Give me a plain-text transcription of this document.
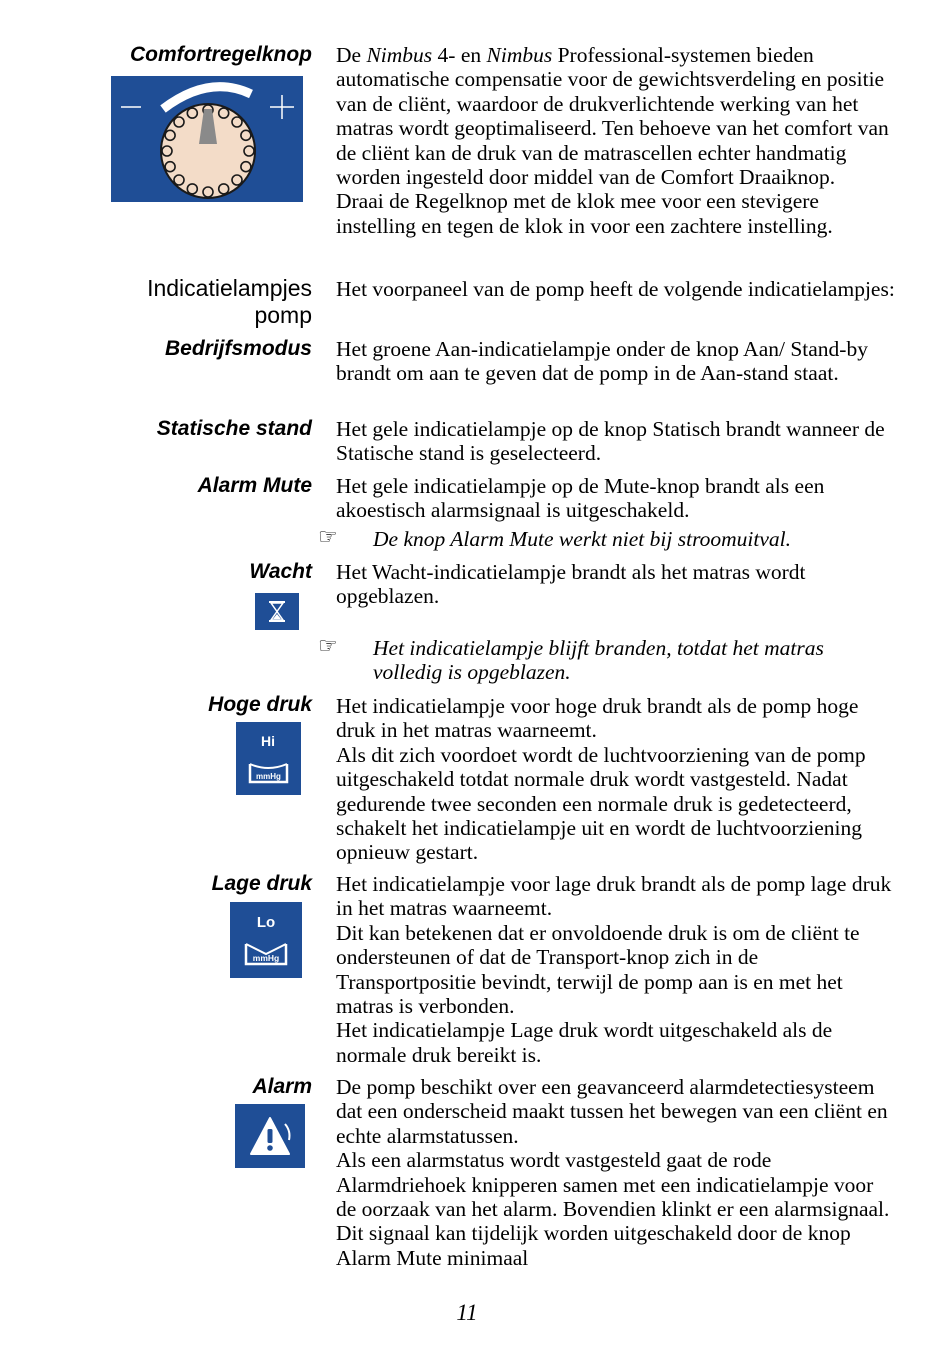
Comfortregelknop De Nimbus 4- en Nimbus Professional-systemen bieden automatische compensatie voor de gewichtsverdeling en positie van de cliënt, waardoor de drukverlichtende werking van het matras wordt geoptimaliseerd. Ten behoeve van het comfort van de cliënt kan de druk van de matrascellen echter handmatig worden ingesteld door middel van de Comfort Draaiknop.

Draai de Regelknop met de klok mee voor een stevigere instelling en tegen de klok in voor een zachtere instelling.

Indicatielampjes
pomp
Het voorpaneel van de pomp heeft de volgende indicatielampjes:
Bedrijfsmodus Het groene Aan-indicatielampje onder de knop Aan/ Stand-by brandt om aan te geven dat de pomp in de Aan-stand staat.
Statische stand Het gele indicatielampje op de knop Statisch brandt wanneer de Statische stand is geselecteerd.
Alarm Mute Het gele indicatielampje op de Mute-knop brandt als een akoestisch alarmsignaal is uitgeschakeld.
☞ De knop Alarm Mute werkt niet bij stroomuitval.
Wacht Het Wacht-indicatielampje brandt als het matras wordt opgeblazen.
☞ Het indicatielampje blijft branden, totdat het matras volledig is opgeblazen.
Hoge druk
Hi
mmHg

Het indicatielampje voor hoge druk brandt als de pomp hoge druk in het matras waarneemt.

Als dit zich voordoet wordt de luchtvoorziening van de pomp uitgeschakeld totdat normale druk wordt vastgesteld. Nadat gedurende twee seconden een normale druk is gedetecteerd, schakelt het indicatielampje uit en wordt de luchtvoorziening opnieuw gestart.

Lage druk
Lo
mmHg

Het indicatielampje voor lage druk brandt als de pomp lage druk in het matras waarneemt.

Dit kan betekenen dat er onvoldoende druk is om de cliënt te ondersteunen of dat de Transport-knop zich in de Transportpositie bevindt, terwijl de pomp aan is en met het matras is verbonden.

Het indicatielampje Lage druk wordt uitgeschakeld als de normale druk bereikt is.

Alarm De pomp beschikt over een geavanceerd alarmdetectiesysteem dat een onderscheid maakt tussen het bewegen van een cliënt en echte alarmstatussen.

Als een alarmstatus wordt vastgesteld gaat de rode Alarmdriehoek knipperen samen met een indicatielampje voor de oorzaak van het alarm. Bovendien klinkt er een alarmsignaal. Dit signaal kan tijdelijk worden uitgeschakeld door de knop Alarm Mute minimaal

11
